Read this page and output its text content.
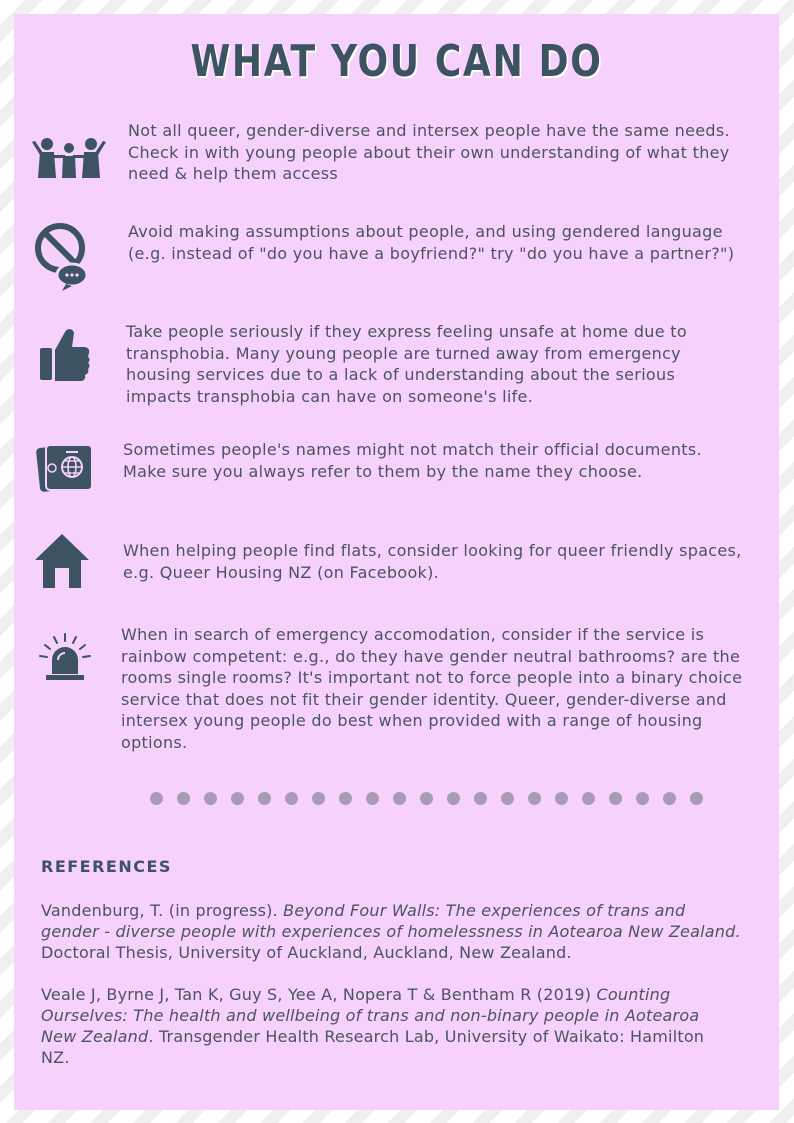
WHAT YOU CAN DO
Not all queer, gender-diverse and intersex people have the same needs. Check in with young people about their own understanding of what they need & help them access
Avoid making assumptions about people, and using gendered language (e.g. instead of "do you have a boyfriend?" try "do you have a partner?")
Take people seriously if they express feeling unsafe at home due to transphobia. Many young people are turned away from emergency housing services due to a lack of understanding about the serious impacts transphobia can have on someone's life.
Sometimes people's names might not match their official documents. Make sure you always refer to them by the name they choose.
When helping people find flats, consider looking for queer friendly spaces, e.g. Queer Housing NZ (on Facebook).
When in search of emergency accomodation, consider if the service is rainbow competent: e.g., do they have gender neutral bathrooms? are the rooms single rooms? It's important not to force people into a binary choice service that does not fit their gender identity. Queer, gender-diverse and intersex young people do best when provided with a range of housing options.
REFERENCES
Vandenburg, T. (in progress). Beyond Four Walls: The experiences of trans and gender - diverse people with experiences of homelessness in Aotearoa New Zealand. Doctoral Thesis, University of Auckland, Auckland, New Zealand.
Veale J, Byrne J, Tan K, Guy S, Yee A, Nopera T & Bentham R (2019) Counting Ourselves: The health and wellbeing of trans and non-binary people in Aotearoa New Zealand. Transgender Health Research Lab, University of Waikato: Hamilton NZ.
